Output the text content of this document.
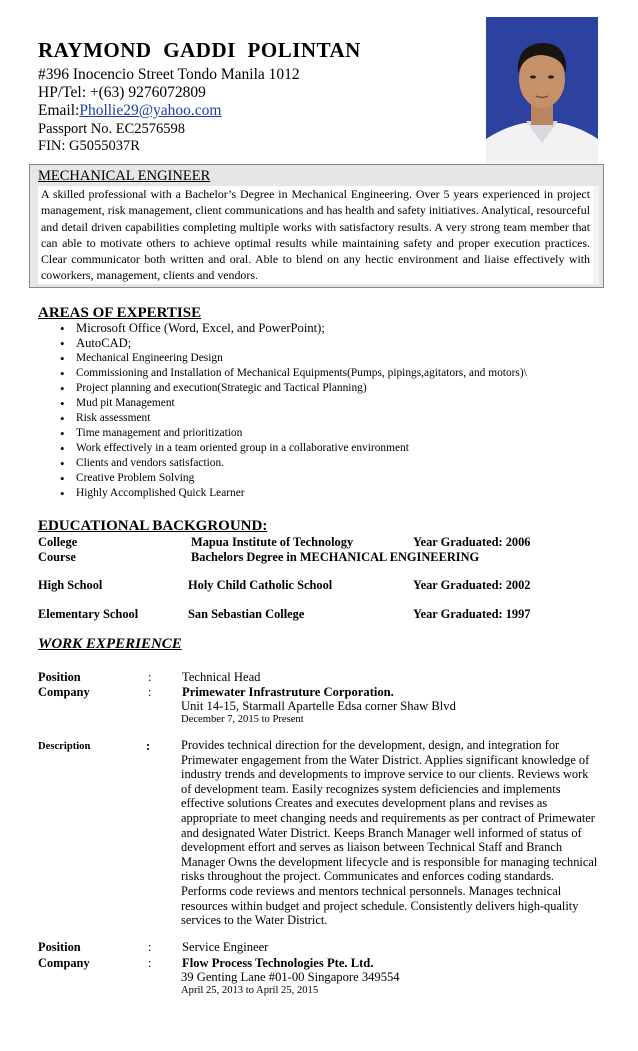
RAYMOND GADDI POLINTAN
#396 Inocencio Street Tondo Manila 1012
HP/Tel: +(63) 9276072809
Email:Phollie29@yahoo.com
Passport No. EC2576598
FIN: G5055037R
MECHANICAL ENGINEER
A skilled professional with a Bachelor’s Degree in Mechanical Engineering. Over 5 years experienced in project management, risk management, client communications and has health and safety initiatives. Analytical, resourceful and detail driven capabilities completing multiple works with satisfactory results. A very strong team member that can able to motivate others to achieve optimal results while maintaining safety and proper execution practices. Clear communicator both written and oral. Able to blend on any hectic environment and liaise effectively with coworkers, management, clients and vendors.
AREAS OF EXPERTISE
• Microsoft Office (Word, Excel, and PowerPoint);
• AutoCAD;
• Mechanical Engineering Design
• Commissioning and Installation of Mechanical Equipments(Pumps, pipings,agitators, and motors)\
• Project planning and execution(Strategic and Tactical Planning)
• Mud pit Management
• Risk assessment
• Time management and prioritization
• Work effectively in a team oriented group in a collaborative environment
• Clients and vendors satisfaction.
• Creative Problem Solving
• Highly Accomplished Quick Learner
EDUCATIONAL BACKGROUND:
College	Mapua Institute of Technology	Year Graduated: 2006
Course	Bachelors Degree in MECHANICAL ENGINEERING
High School	Holy Child Catholic School	Year Graduated: 2002
Elementary School	San Sebastian College	Year Graduated: 1997
WORK EXPERIENCE
Position	: Technical Head
Company	: Primewater Infrastruture Corporation.
Unit 14-15, Starmall Apartelle Edsa corner Shaw Blvd
December 7, 2015 to Present
Description	: Provides technical direction for the development, design, and integration for Primewater engagement from the Water District. Applies significant knowledge of industry trends and developments to improve service to our clients. Reviews work of development team. Easily recognizes system deficiencies and implements effective solutions Creates and executes development plans and revises as appropriate to meet changing needs and requirements as per contract of Primewater and designated Water District. Keeps Branch Manager well informed of status of development effort and serves as liaison between Technical Staff and Branch Manager Owns the development lifecycle and is responsible for managing technical risks throughout the project. Communicates and enforces coding standards. Performs code reviews and mentors technical personnels. Manages technical resources within budget and project schedule. Consistently delivers high-quality services to the Water District.
Position	: Service Engineer
Company	: Flow Process Technologies Pte. Ltd.
39 Genting Lane #01-00 Singapore 349554
April 25, 2013 to April 25, 2015
